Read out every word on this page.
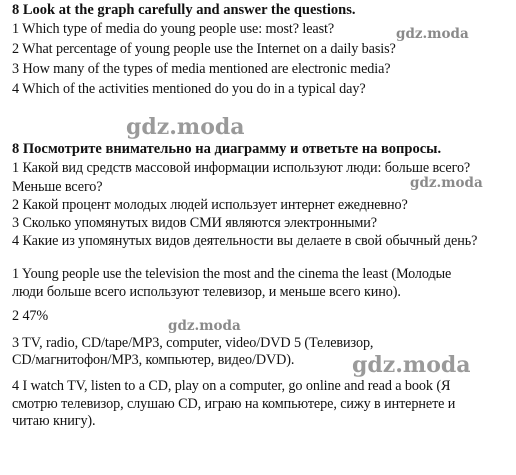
8 Look at the graph carefully and answer the questions.
1 Which type of media do young people use: most? least?
2 What percentage of young people use the Internet on a daily basis?
3 How many of the types of media mentioned are electronic media?
4 Which of the activities mentioned do you do in a typical day?
8 Посмотрите внимательно на диаграмму и ответьте на вопросы.
1 Какой вид средств массовой информации используют люди: больше всего?
Меньше всего?
2 Какой процент молодых людей использует интернет ежедневно?
3 Сколько упомянутых видов СМИ являются электронными?
4 Какие из упомянутых видов деятельности вы делаете в свой обычный день?
1 Young people use the television the most and the cinema the least (Молодые
люди больше всего используют телевизор, и меньше всего кино).
2 47%
3 TV, radio, CD/tape/MP3, computer, video/DVD 5 (Телевизор,
CD/магнитофон/MP3, компьютер, видео/DVD).
4 I watch TV, listen to a CD, play on a computer, go online and read a book (Я
смотрю телевизор, слушаю CD, играю на компьютере, сижу в интернете и
читаю книгу).
gdz.moda
gdz.moda
gdz.moda
gdz.moda
gdz.moda
